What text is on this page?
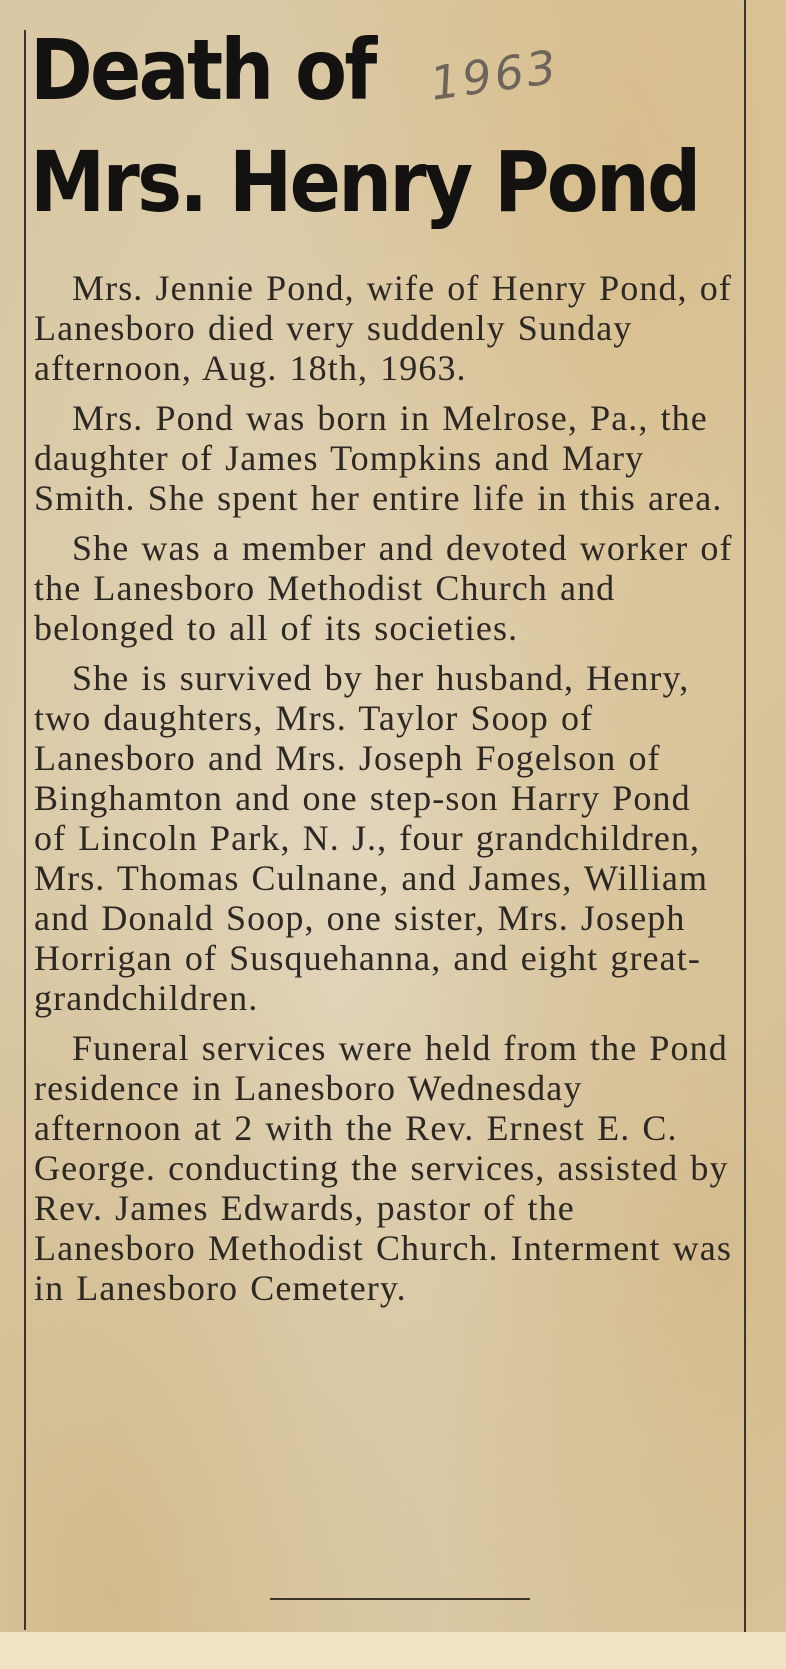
Death of
Mrs. Henry Pond
1963

Mrs. Jennie Pond, wife of Henry Pond, of Lanesboro died very suddenly Sunday afternoon, Aug. 18th, 1963.

Mrs. Pond was born in Melrose, Pa., the daughter of James Tompkins and Mary Smith. She spent her entire life in this area.

She was a member and devoted worker of the Lanesboro Methodist Church and belonged to all of its societies.

She is survived by her husband, Henry, two daughters, Mrs. Taylor Soop of Lanesboro and Mrs. Joseph Fogelson of Binghamton and one step-son Harry Pond of Lincoln Park, N. J., four grandchildren, Mrs. Thomas Culnane, and James, William and Donald Soop, one sister, Mrs. Joseph Horrigan of Susquehanna, and eight great-grandchildren.

Funeral services were held from the Pond residence in Lanesboro Wednesday afternoon at 2 with the Rev. Ernest E. C. George. conducting the services, assisted by Rev. James Edwards, pastor of the Lanesboro Methodist Church. Interment was in Lanesboro Cemetery.
